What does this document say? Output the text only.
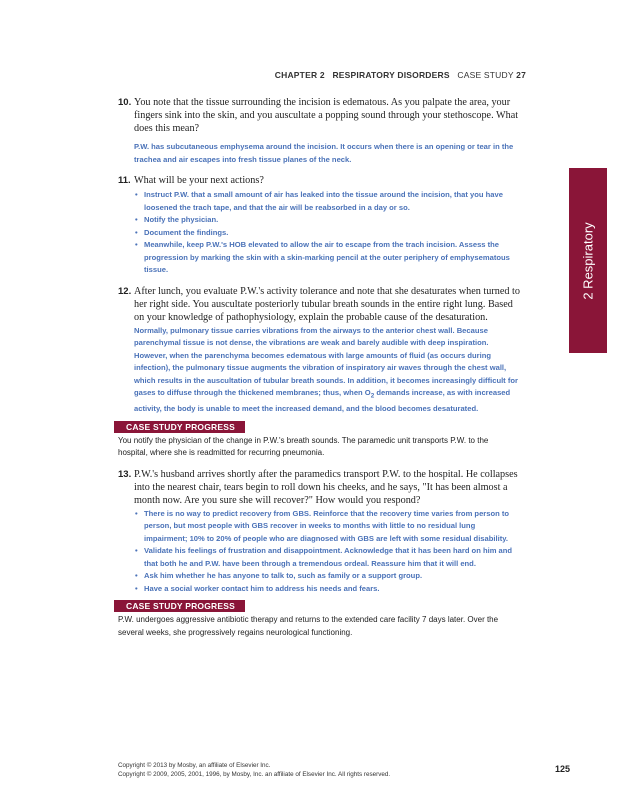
CHAPTER 2 RESPIRATORY DISORDERS CASE STUDY 27
2 Respiratory
10. You note that the tissue surrounding the incision is edematous. As you palpate the area, your fingers sink into the skin, and you auscultate a popping sound through your stethoscope. What does this mean?
P.W. has subcutaneous emphysema around the incision. It occurs when there is an opening or tear in the trachea and air escapes into fresh tissue planes of the neck.
11. What will be your next actions?
• Instruct P.W. that a small amount of air has leaked into the tissue around the incision, that you have loosened the trach tape, and that the air will be reabsorbed in a day or so.
• Notify the physician.
• Document the findings.
• Meanwhile, keep P.W.'s HOB elevated to allow the air to escape from the trach incision. Assess the progression by marking the skin with a skin-marking pencil at the outer periphery of emphysematous tissue.
12. After lunch, you evaluate P.W.'s activity tolerance and note that she desaturates when turned to her right side. You auscultate posteriorly tubular breath sounds in the entire right lung. Based on your knowledge of pathophysiology, explain the probable cause of the desaturation.
Normally, pulmonary tissue carries vibrations from the airways to the anterior chest wall. Because parenchymal tissue is not dense, the vibrations are weak and barely audible with deep inspiration. However, when the parenchyma becomes edematous with large amounts of fluid (as occurs during infection), the pulmonary tissue augments the vibration of inspiratory air waves through the chest wall, which results in the auscultation of tubular breath sounds. In addition, it becomes increasingly difficult for gases to diffuse through the thickened membranes; thus, when $O_2$ demands increase, as with increased activity, the body is unable to meet the increased demand, and the blood becomes desaturated.
CASE STUDY PROGRESS
You notify the physician of the change in P.W.'s breath sounds. The paramedic unit transports P.W. to the hospital, where she is readmitted for recurring pneumonia.
13. P.W.'s husband arrives shortly after the paramedics transport P.W. to the hospital. He collapses into the nearest chair, tears begin to roll down his cheeks, and he says, "It has been almost a month now. Are you sure she will recover?" How would you respond?
• There is no way to predict recovery from GBS. Reinforce that the recovery time varies from person to person, but most people with GBS recover in weeks to months with little to no residual lung impairment; 10% to 20% of people who are diagnosed with GBS are left with some residual disability.
• Validate his feelings of frustration and disappointment. Acknowledge that it has been hard on him and that both he and P.W. have been through a tremendous ordeal. Reassure him that it will end.
• Ask him whether he has anyone to talk to, such as family or a support group.
• Have a social worker contact him to address his needs and fears.
CASE STUDY PROGRESS
P.W. undergoes aggressive antibiotic therapy and returns to the extended care facility 7 days later. Over the several weeks, she progressively regains neurological functioning.
Copyright © 2013 by Mosby, an affiliate of Elsevier Inc.
Copyright © 2009, 2005, 2001, 1996, by Mosby, Inc. an affiliate of Elsevier Inc. All rights reserved.	125
